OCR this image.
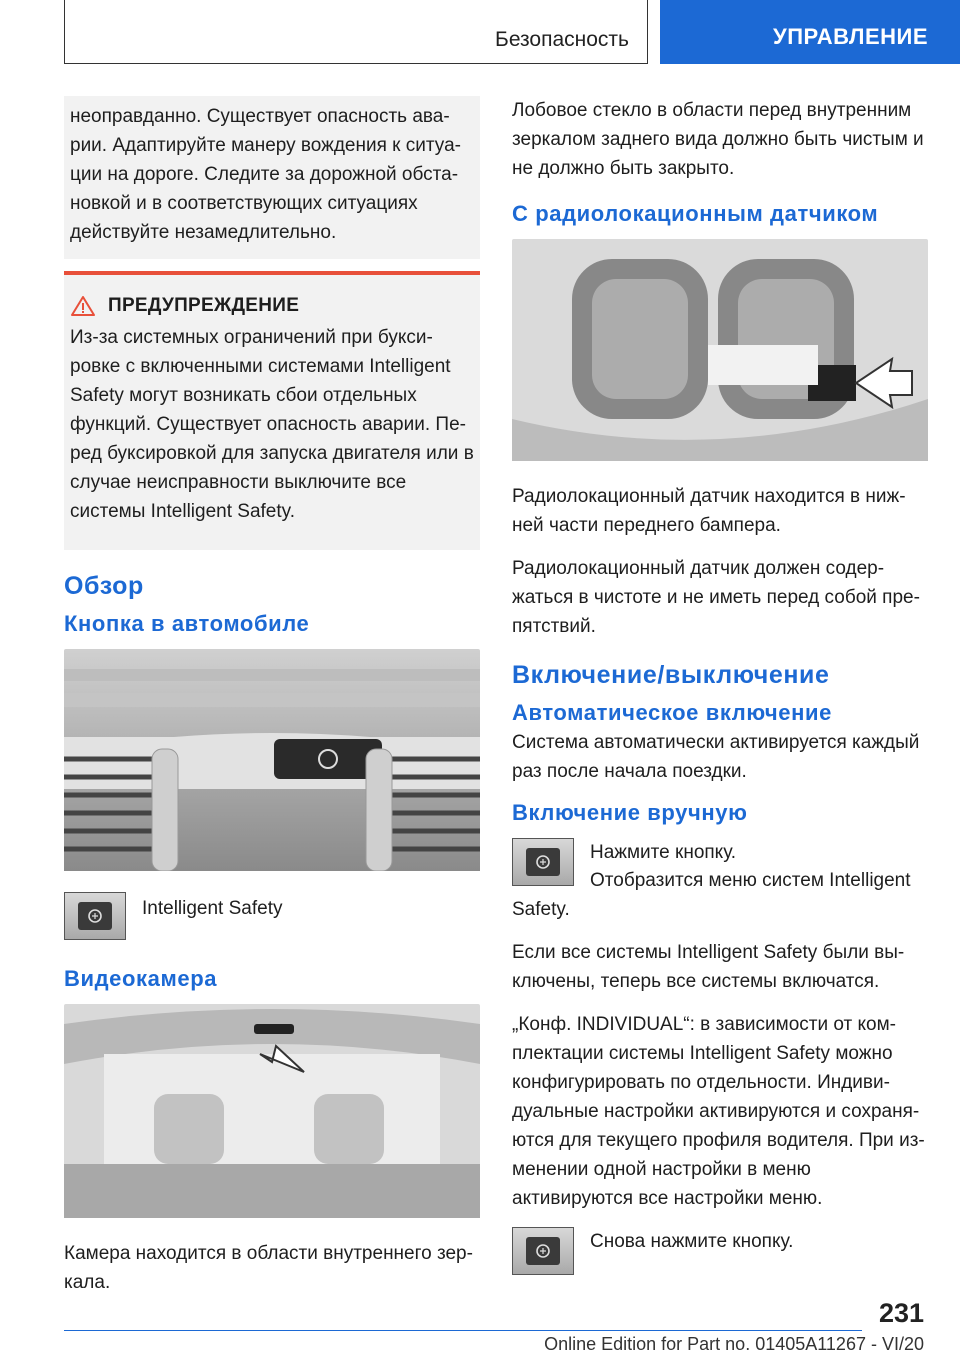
Безопасность	УПРАВЛЕНИЕ

неоправданно. Существует опасность ава-рии. Адаптируйте манеру вождения к ситуа-ции на дороге. Следите за дорожной обста-новкой и в соответствующих ситуациях действуйте незамедлительно.

ПРЕДУПРЕЖДЕНИЕ

Из-за системных ограничений при букси-ровке с включенными системами Intelligent Safety могут возникать сбои отдельных функций. Существует опасность аварии. Пе-ред буксировкой для запуска двигателя или в случае неисправности выключите все системы Intelligent Safety.

Обзор
Кнопка в автомобиле

Intelligent Safety

Видеокамера

Камера находится в области внутреннего зер-кала.

Лобовое стекло в области перед внутренним зеркалом заднего вида должно быть чистым и не должно быть закрыто.

С радиолокационным датчиком

Радиолокационный датчик находится в ниж-ней части переднего бампера.

Радиолокационный датчик должен содер-жаться в чистоте и не иметь перед собой пре-пятствий.

Включение/выключение
Автоматическое включение

Система автоматически активируется каждый раз после начала поездки.

Включение вручную

Нажмите кнопку.

Отобразится меню систем Intelligent Safety.

Если все системы Intelligent Safety были вы-ключены, теперь все системы включатся.

„Конф. INDIVIDUAL“: в зависимости от ком-плектации системы Intelligent Safety можно конфигурировать по отдельности. Индиви-дуальные настройки активируются и сохраня-ются для текущего профиля водителя. При из-менении одной настройки в меню активируются все настройки меню.

Снова нажмите кнопку.

231
Online Edition for Part no. 01405A11267 - VI/20
